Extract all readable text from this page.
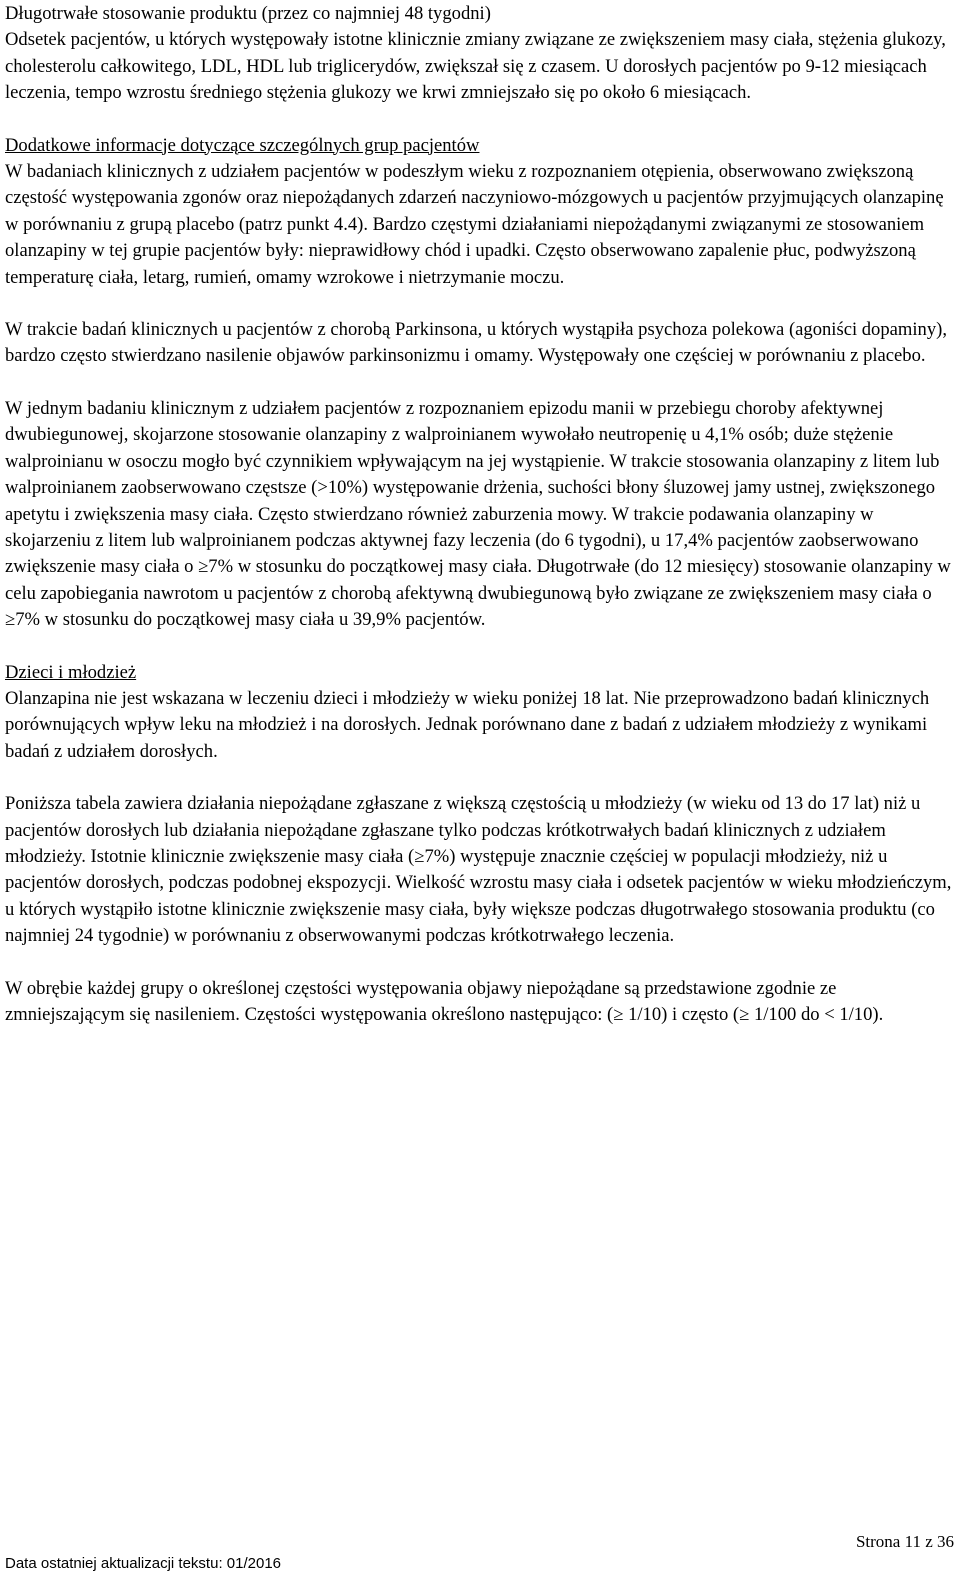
Długotrwałe stosowanie produktu (przez co najmniej 48 tygodni)
Odsetek pacjentów, u których występowały istotne klinicznie zmiany związane ze zwiększeniem masy ciała, stężenia glukozy, cholesterolu całkowitego, LDL, HDL lub triglicerydów, zwiększał się z czasem. U dorosłych pacjentów po 9-12 miesiącach leczenia, tempo wzrostu średniego stężenia glukozy we krwi zmniejszało się po około 6 miesiącach.

Dodatkowe informacje dotyczące szczególnych grup pacjentów
W badaniach klinicznych z udziałem pacjentów w podeszłym wieku z rozpoznaniem otępienia, obserwowano zwiększoną częstość występowania zgonów oraz niepożądanych zdarzeń naczyniowo-mózgowych u pacjentów przyjmujących olanzapinę w porównaniu z grupą placebo (patrz punkt 4.4). Bardzo częstymi działaniami niepożądanymi związanymi ze stosowaniem olanzapiny w tej grupie pacjentów były: nieprawidłowy chód i upadki. Często obserwowano zapalenie płuc, podwyższoną temperaturę ciała, letarg, rumień, omamy wzrokowe i nietrzymanie moczu.

W trakcie badań klinicznych u pacjentów z chorobą Parkinsona, u których wystąpiła psychoza polekowa (agoniści dopaminy), bardzo często stwierdzano nasilenie objawów parkinsonizmu i omamy. Występowały one częściej w porównaniu z placebo.

W jednym badaniu klinicznym z udziałem pacjentów z rozpoznaniem epizodu manii w przebiegu choroby afektywnej dwubiegunowej, skojarzone stosowanie olanzapiny z walproinianem wywołało neutropenię u 4,1% osób; duże stężenie walproinianu w osoczu mogło być czynnikiem wpływającym na jej wystąpienie. W trakcie stosowania olanzapiny z litem lub walproinianem zaobserwowano częstsze (>10%) występowanie drżenia, suchości błony śluzowej jamy ustnej, zwiększonego apetytu i zwiększenia masy ciała. Często stwierdzano również zaburzenia mowy. W trakcie podawania olanzapiny w skojarzeniu z litem lub walproinianem podczas aktywnej fazy leczenia (do 6 tygodni), u 17,4% pacjentów zaobserwowano zwiększenie masy ciała o ≥7% w stosunku do początkowej masy ciała. Długotrwałe (do 12 miesięcy) stosowanie olanzapiny w celu zapobiegania nawrotom u pacjentów z chorobą afektywną dwubiegunową było związane ze zwiększeniem masy ciała o ≥7% w stosunku do początkowej masy ciała u 39,9% pacjentów.

Dzieci i młodzież
Olanzapina nie jest wskazana w leczeniu dzieci i młodzieży w wieku poniżej 18 lat. Nie przeprowadzono badań klinicznych porównujących wpływ leku na młodzież i na dorosłych. Jednak porównano dane z badań z udziałem młodzieży z wynikami badań z udziałem dorosłych.

Poniższa tabela zawiera działania niepożądane zgłaszane z większą częstością u młodzieży (w wieku od 13 do 17 lat) niż u pacjentów dorosłych lub działania niepożądane zgłaszane tylko podczas krótkotrwałych badań klinicznych z udziałem młodzieży. Istotnie klinicznie zwiększenie masy ciała (≥7%) występuje znacznie częściej w populacji młodzieży, niż u pacjentów dorosłych, podczas podobnej ekspozycji. Wielkość wzrostu masy ciała i odsetek pacjentów w wieku młodzieńczym, u których wystąpiło istotne klinicznie zwiększenie masy ciała, były większe podczas długotrwałego stosowania produktu (co najmniej 24 tygodnie) w porównaniu z obserwowanymi podczas krótkotrwałego leczenia.

W obrębie każdej grupy o określonej częstości występowania objawy niepożądane są przedstawione zgodnie ze zmniejszającym się nasileniem. Częstości występowania określono następująco: (≥ 1/10) i często (≥ 1/100 do < 1/10).

Strona 11 z 36
Data ostatniej aktualizacji tekstu: 01/2016
